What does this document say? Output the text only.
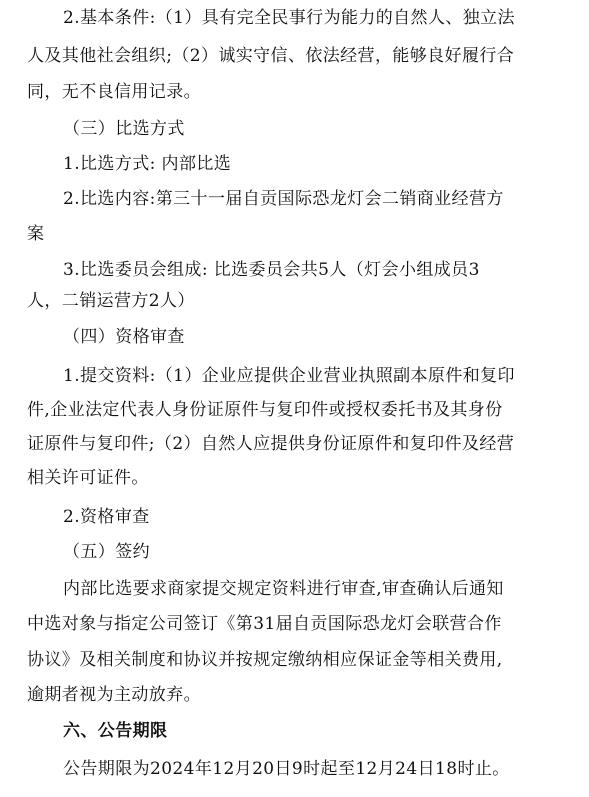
2.基本条件:（1）具有完全民事行为能力的自然人、独立法
人及其他社会组织;（2）诚实守信、依法经营，能够良好履行合
同，无不良信用记录。
（三）比选方式
1.比选方式: 内部比选
2.比选内容:第三十一届自贡国际恐龙灯会二销商业经营方
案
3.比选委员会组成: 比选委员会共5人（灯会小组成员3
人，二销运营方2人）
（四）资格审查
1.提交资料:（1）企业应提供企业营业执照副本原件和复印
件,企业法定代表人身份证原件与复印件或授权委托书及其身份
证原件与复印件;（2）自然人应提供身份证原件和复印件及经营
相关许可证件。
2.资格审查
（五）签约
内部比选要求商家提交规定资料进行审查,审查确认后通知
中选对象与指定公司签订《第31届自贡国际恐龙灯会联营合作
协议》及相关制度和协议并按规定缴纳相应保证金等相关费用,
逾期者视为主动放弃。
六、公告期限
公告期限为2024年12月20日9时起至12月24日18时止。
